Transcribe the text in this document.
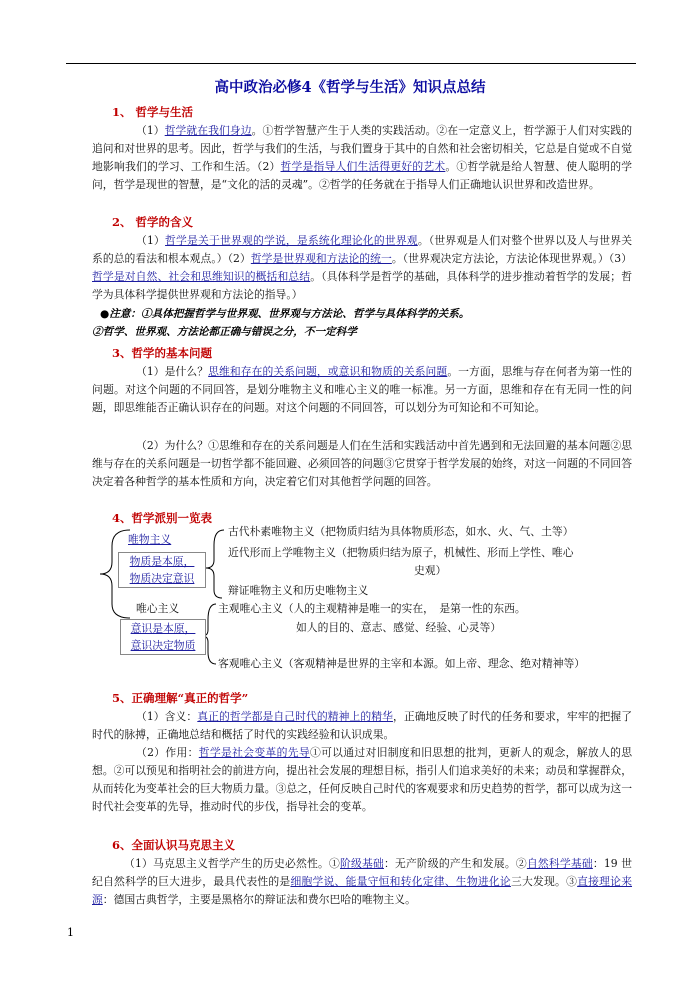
高中政治必修4《哲学与生活》知识点总结
1、 哲学与生活
（1）哲学就在我们身边。①哲学智慧产生于人类的实践活动。②在一定意义上，哲学源于人们对实践的追问和对世界的思考。因此，哲学与我们的生活，与我们置身于其中的自然和社会密切相关，它总是自觉或不自觉地影响我们的学习、工作和生活。（2）哲学是指导人们生活得更好的艺术。①哲学就是给人智慧、使人聪明的学问，哲学是现世的智慧，是“文化的活的灵魂”。②哲学的任务就在于指导人们正确地认识世界和改造世界。
2、 哲学的含义
（1）哲学是关于世界观的学说，是系统化理论化的世界观。（世界观是人们对整个世界以及人与世界关系的总的看法和根本观点。）（2）哲学是世界观和方法论的统一。（世界观决定方法论，方法论体现世界观。）（3）哲学是对自然、社会和思维知识的概括和总结。（具体科学是哲学的基础，具体科学的进步推动着哲学的发展；哲学为具体科学提供世界观和方法论的指导。）
●注意：①具体把握哲学与世界观、世界观与方法论、哲学与具体科学的关系。
②哲学、世界观、方法论都正确与错误之分，不一定科学
3、哲学的基本问题
（1）是什么？思维和存在的关系问题，或意识和物质的关系问题。一方面，思维与存在何者为第一性的问题。对这个问题的不同回答，是划分唯物主义和唯心主义的唯一标准。另一方面，思维和存在有无同一性的问题，即思维能否正确认识存在的问题。对这个问题的不同回答，可以划分为可知论和不可知论。
（2）为什么？①思维和存在的关系问题是人们在生活和实践活动中首先遇到和无法回避的基本问题②思维与存在的关系问题是一切哲学都不能回避、必须回答的问题③它贯穿于哲学发展的始终，对这一问题的不同回答决定着各种哲学的基本性质和方向，决定着它们对其他哲学问题的回答。
4、哲学派别一览表
唯物主义
物质是本原，
物质决定意识
古代朴素唯物主义（把物质归结为具体物质形态，如水、火、气、土等）
近代形而上学唯物主义（把物质归结为原子，机械性、形而上学性、唯心
史观）
辩证唯物主义和历史唯物主义
唯心主义
意识是本原，
意识决定物质
主观唯心主义（人的主观精神是唯一的实在，　是第一性的东西。
如人的目的、意志、感觉、经验、心灵等）
客观唯心主义（客观精神是世界的主宰和本源。如上帝、理念、绝对精神等）
5、正确理解“真正的哲学”
（1）含义：真正的哲学都是自己时代的精神上的精华，正确地反映了时代的任务和要求，牢牢的把握了时代的脉搏，正确地总结和概括了时代的实践经验和认识成果。
（2）作用：哲学是社会变革的先导①可以通过对旧制度和旧思想的批判，更新人的观念，解放人的思想。②可以预见和指明社会的前进方向，提出社会发展的理想目标，指引人们追求美好的未来；动员和掌握群众，从而转化为变革社会的巨大物质力量。③总之，任何反映自己时代的客观要求和历史趋势的哲学，都可以成为这一时代社会变革的先导，推动时代的步伐，指导社会的变革。
6、全面认识马克思主义
（1）马克思主义哲学产生的历史必然性。①阶级基础：无产阶级的产生和发展。②自然科学基础：19 世纪自然科学的巨大进步，最具代表性的是细胞学说、能量守恒和转化定律、生物进化论三大发现。③直接理论来源：德国古典哲学，主要是黑格尔的辩证法和费尔巴哈的唯物主义。
1
